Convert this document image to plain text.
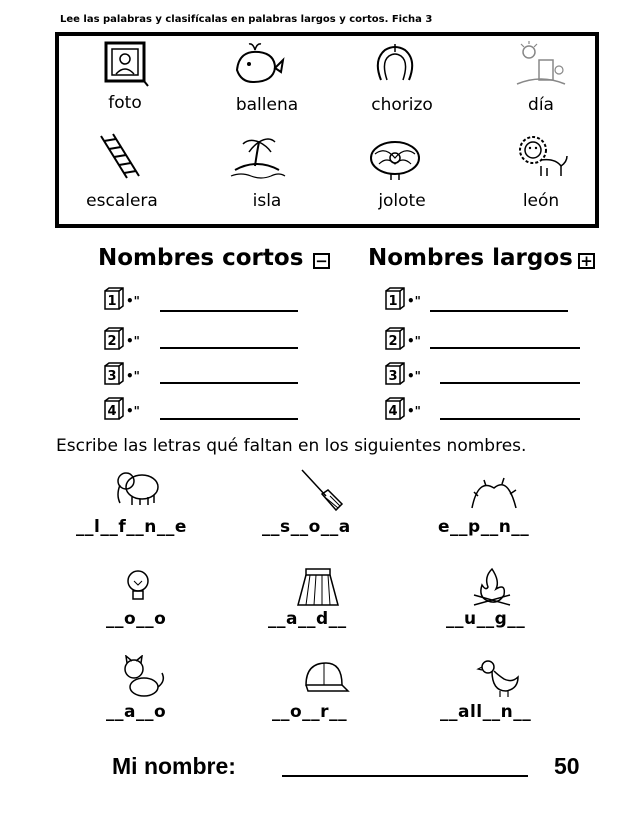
Lee las palabras y clasifícalas en palabras largos y cortos. Ficha 3
foto	ballena	chorizo	día
escalera	isla	jolote	león
Nombres cortos − Nombres largos +
1 •"
2 •"
3 •"
4 •"
1 •"
2 •"
3 •"
4 •"
Escribe las letras qué faltan en los siguientes nombres.
__l__f__n__e	__s__o__a	e__p__n__
__o__o	__a__d__	__u__g__
__a__o	__o__r__	__all__n__
Mi nombre:	50
